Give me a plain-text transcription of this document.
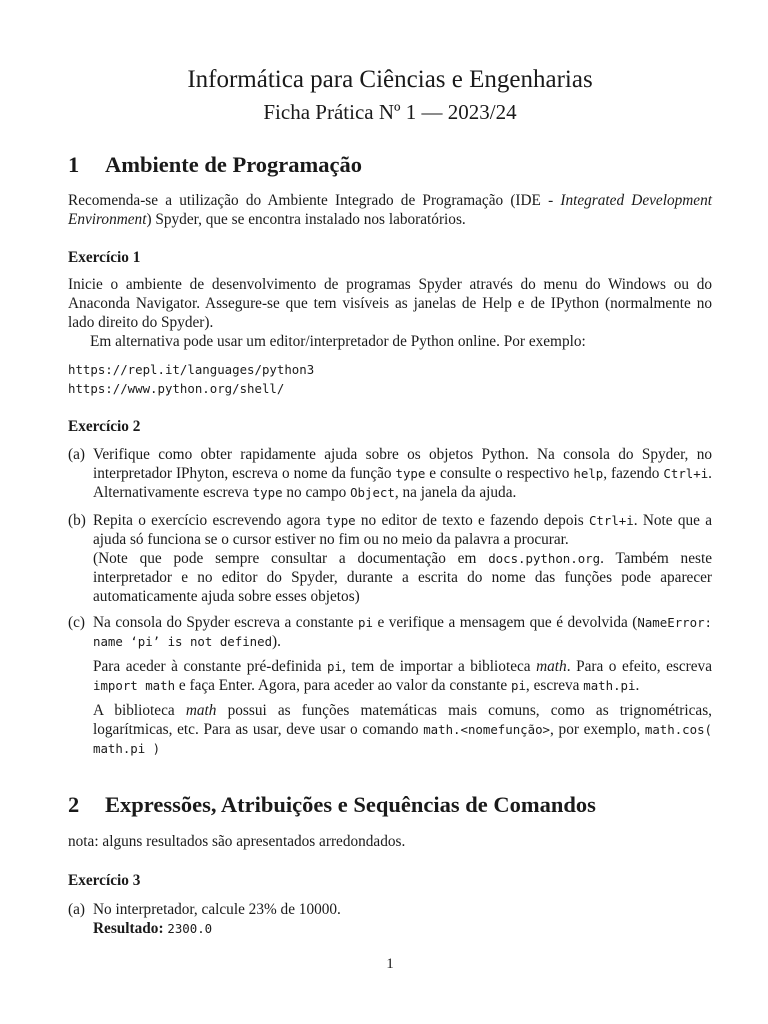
Informática para Ciências e Engenharias
Ficha Prática Nº 1 — 2023/24
1 Ambiente de Programação
Recomenda-se a utilização do Ambiente Integrado de Programação (IDE - Integrated Development Environment) Spyder, que se encontra instalado nos laboratórios.
Exercício 1

Inicie o ambiente de desenvolvimento de programas Spyder através do menu do Windows ou do Anaconda Navigator. Assegure-se que tem visíveis as janelas de Help e de IPython (normalmente no lado direito do Spyder).

Em alternativa pode usar um editor/interpretador de Python online. Por exemplo:

https://repl.it/languages/python3
https://www.python.org/shell/
Exercício 2
(a) Verifique como obter rapidamente ajuda sobre os objetos Python. Na consola do Spyder, no interpretador IPhyton, escreva o nome da função type e consulte o respectivo help, fazendo Ctrl+i. Alternativamente escreva type no campo Object, na janela da ajuda.
(b) Repita o exercício escrevendo agora type no editor de texto e fazendo depois Ctrl+i. Note que a ajuda só funciona se o cursor estiver no fim ou no meio da palavra a procurar.
(Note que pode sempre consultar a documentação em docs.python.org. Também neste interpretador e no editor do Spyder, durante a escrita do nome das funções pode aparecer automaticamente ajuda sobre esses objetos)
(c) Na consola do Spyder escreva a constante pi e verifique a mensagem que é devolvida (NameError: name ‘pi’ is not defined).

Para aceder à constante pré-definida pi, tem de importar a biblioteca math. Para o efeito, escreva import math e faça Enter. Agora, para aceder ao valor da constante pi, escreva math.pi.

A biblioteca math possui as funções matemáticas mais comuns, como as trignométricas, logarítmicas, etc. Para as usar, deve usar o comando math.<nomefunção>, por exemplo, math.cos( math.pi )

2 Expressões, Atribuições e Sequências de Comandos
nota: alguns resultados são apresentados arredondados.
Exercício 3
(a) No interpretador, calcule 23% de 10000.
Resultado: 2300.0
1
